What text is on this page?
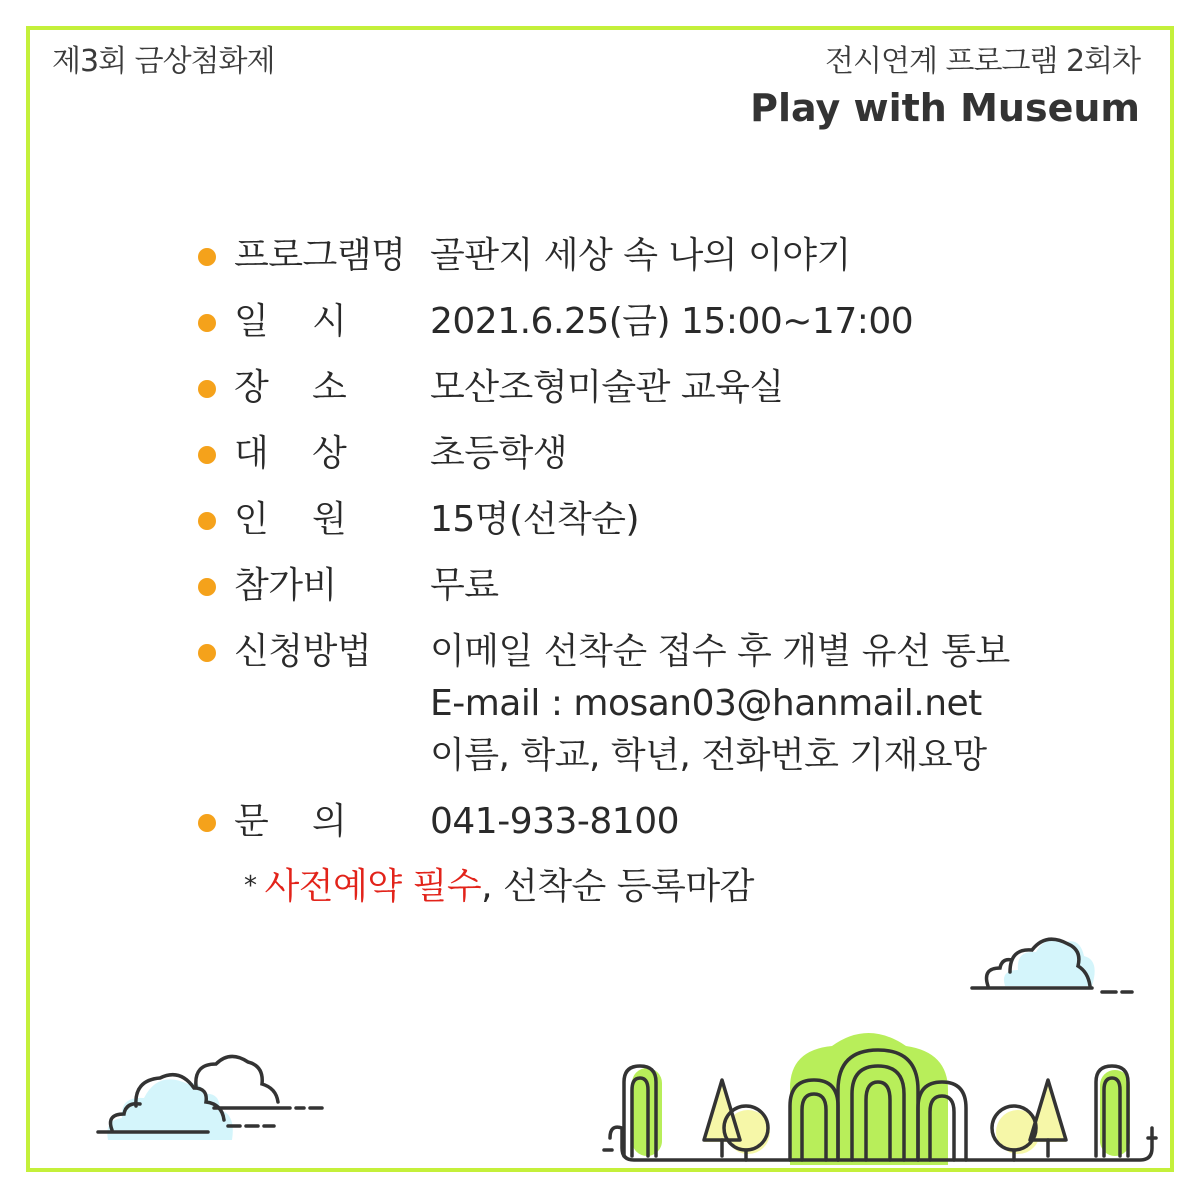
제3회 금상첨화제	전시연계 프로그램 2회차
Play with Museum
프로그램명 골판지 세상 속 나의 이야기
일    시	2021.6.25(금) 15:00~17:00
장    소	모산조형미술관 교육실
대    상	초등학생
인    원	15명(선착순)
참가비	무료
신청방법	이메일 선착순 접수 후 개별 유선 통보
E-mail : mosan03@hanmail.net
이름, 학교, 학년, 전화번호 기재요망
문    의	041-933-8100
* 사전예약 필수, 선착순 등록마감
